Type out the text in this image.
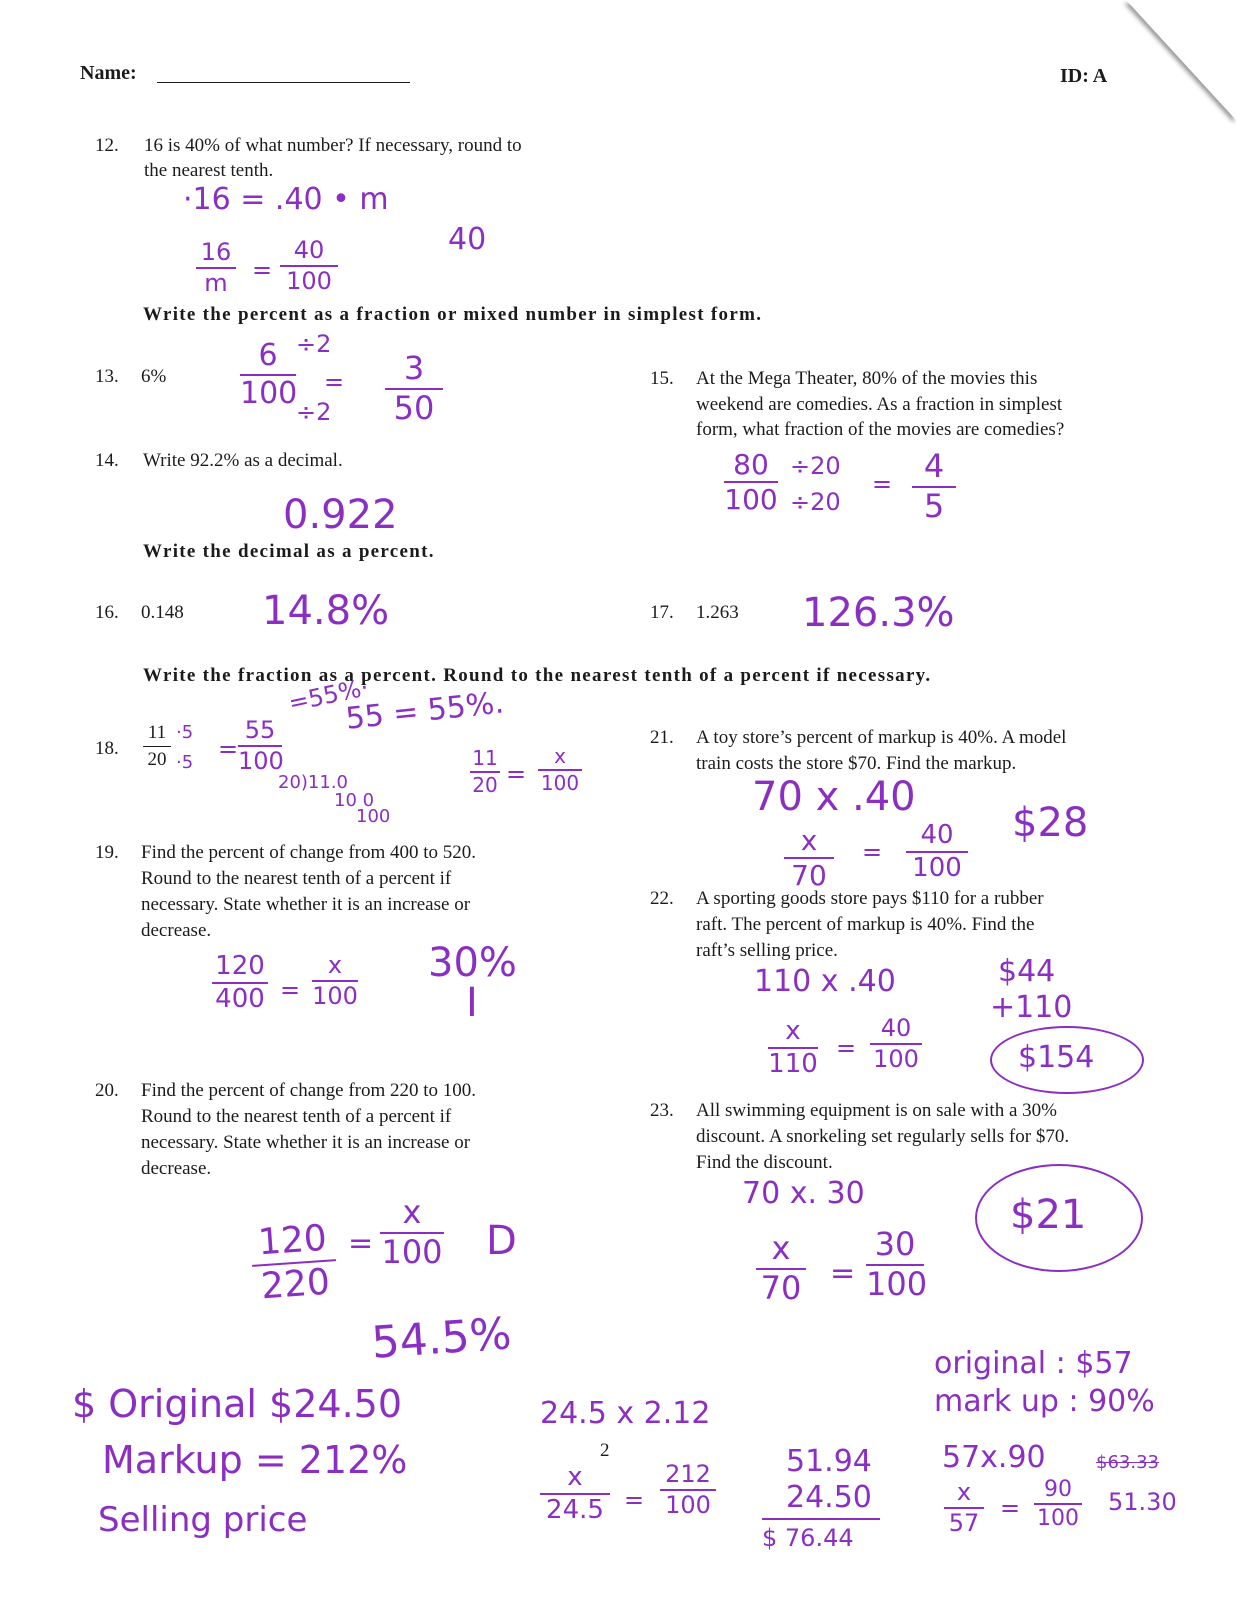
Name:	ID: A
12. 16 is 40% of what number? If necessary, round to
the nearest tenth.
·16 = .40 • m
40
16
m	=
40
100
Write the percent as a fraction or mixed number in simplest form.
13. 6%
6
100
÷2
=
÷2
3
50
14. Write 92.2% as a decimal.
0.922
15. At the Mega Theater, 80% of the movies this
weekend are comedies. As a fraction in simplest
form, what fraction of the movies are comedies?
80
100
÷20
÷20
= 4
5
Write the decimal as a percent.
16. 0.148 14.8%	17. 1.263 126.3%
Write the fraction as a percent. Round to the nearest tenth of a percent if necessary.
18.
11
20
·5
·5 =
55
100
=55%·
55 = 55%.
20)11.0
10 0
100
11
20 =
x
100
19. Find the percent of change from 400 to 520.
Round to the nearest tenth of a percent if
necessary. State whether it is an increase or
decrease.
120
400 =
x
100
30%
I
20. Find the percent of change from 220 to 100.
Round to the nearest tenth of a percent if
necessary. State whether it is an increase or
decrease.
120
220
=
x
100 D
54.5%
21. A toy store’s percent of markup is 40%. A model
train costs the store $70. Find the markup.
70 x .40
$28
x
70
=
40
100
22. A sporting goods store pays $110 for a rubber
raft. The percent of markup is 40%. Find the
raft’s selling price.
110 x .40	$44
+110
$154
x
110
=
40
100
23. All swimming equipment is on sale with a 30%
discount. A snorkeling set regularly sells for $70.
Find the discount.
70 x. 30	$21
x
70 =
30
100
$ Original $24.50
Markup = 212%
Selling price
24.5 x 2.12
x
24.5 =
212
100
2	51.94
24.50
$ 76.44
original : $57
mark up : 90%
57x.90	$63.33
x
57
=
90
100
51.30
